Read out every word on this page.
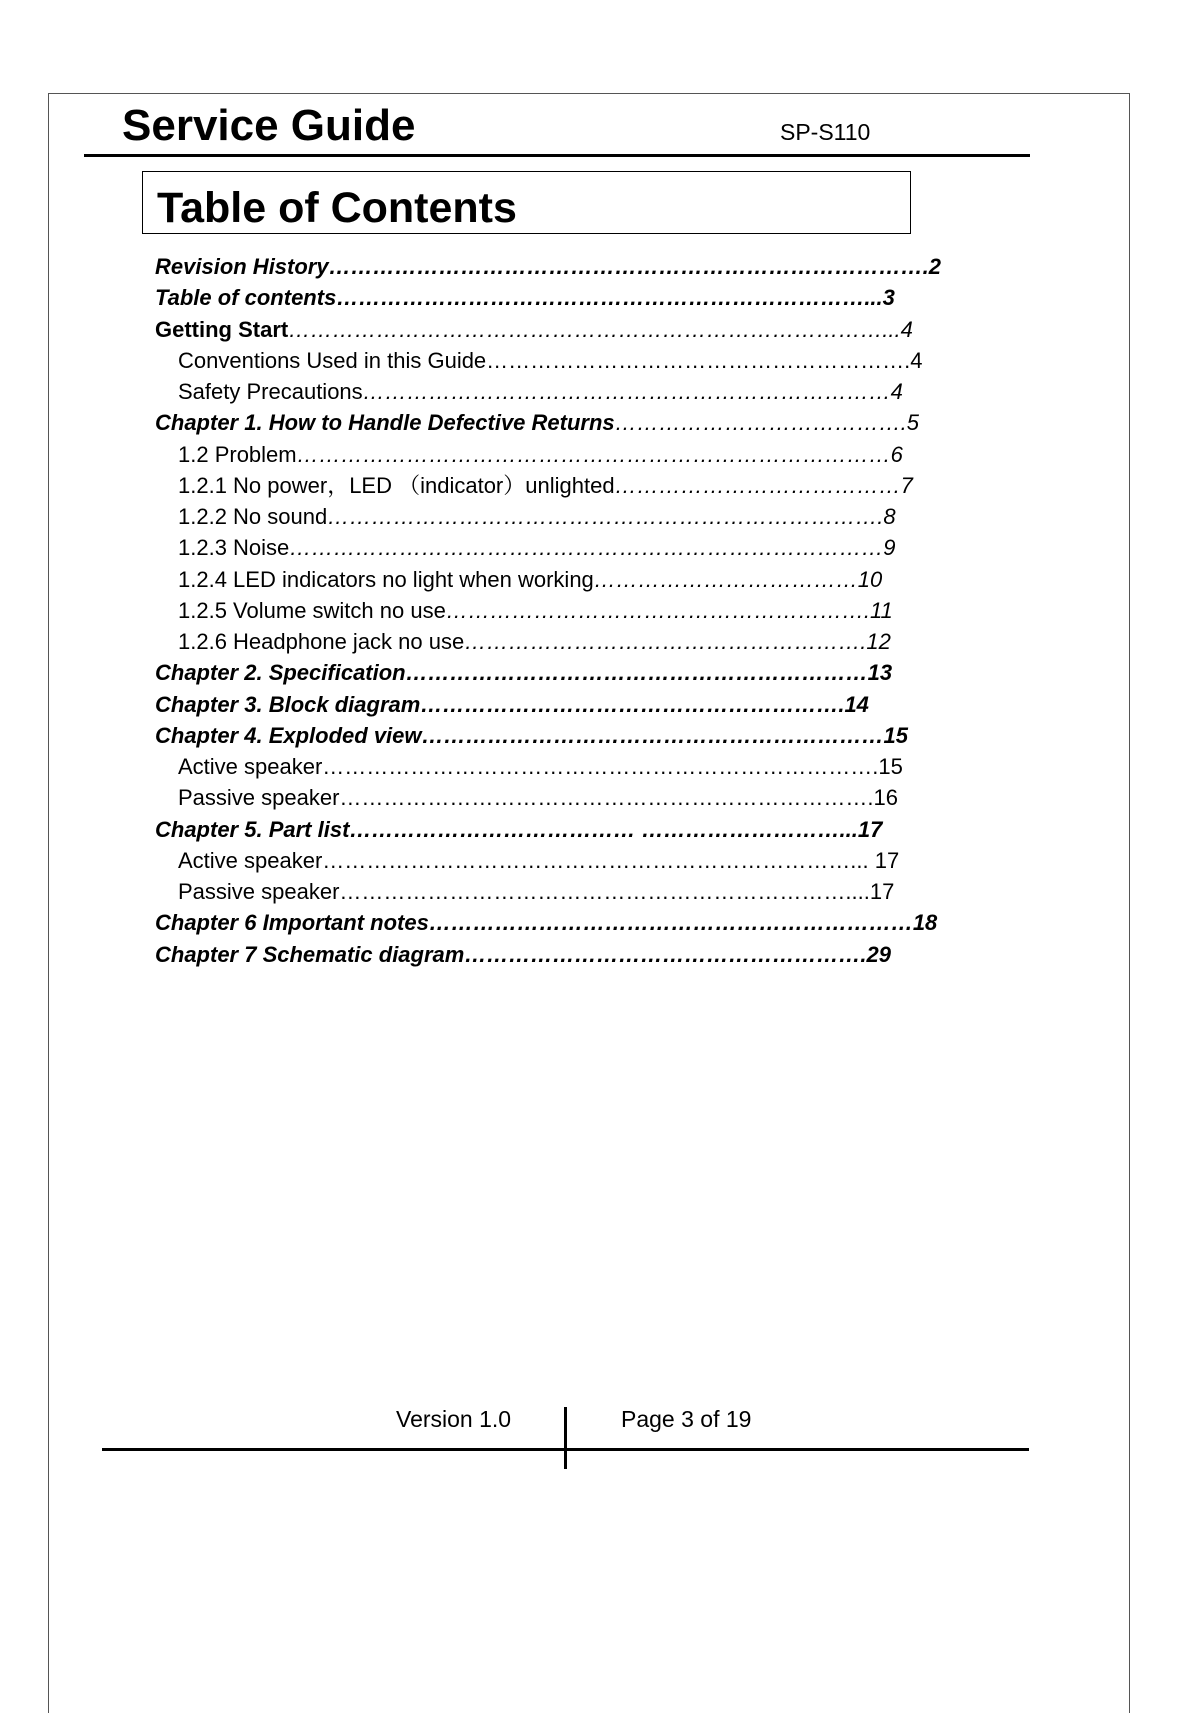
Service Guide	SP-S110
Table of Contents
Revision History……………………………………………………………………….2
Table of contents………………………………………………………………...3
Getting Start………………………………………………………………………...4
Conventions Used in this Guide………………………………………………….4
Safety Precautions………………………………………………………………4
Chapter 1. How to Handle Defective Returns………………………………….5
1.2 Problem………………………………………………………………………6
1.2.1 No power，LED （indicator）unlighted…………………………………7
1.2.2 No sound………………………………………………………………….8
1.2.3 Noise………………………………………………………………………9
1.2.4 LED indicators no light when working………………………………10
1.2.5 Volume switch no use………………………………………………….11
1.2.6 Headphone jack no use……………………………………………….12
Chapter 2. Specification………………………………………………………13
Chapter 3. Block diagram………………………………………………….14
Chapter 4. Exploded view………………………………………………………15
Active speaker………………………………………………………………….15
Passive speaker……………………………………………………………….16
Chapter 5. Part list………………………………… ………………………...17
Active speaker………………………………………………………………... 17
Passive speaker……………………………………………………………....17
Chapter 6 Important notes…………………………………………………………18
Chapter 7 Schematic diagram……………………………………………….29
Version 1.0	Page 3 of 19
